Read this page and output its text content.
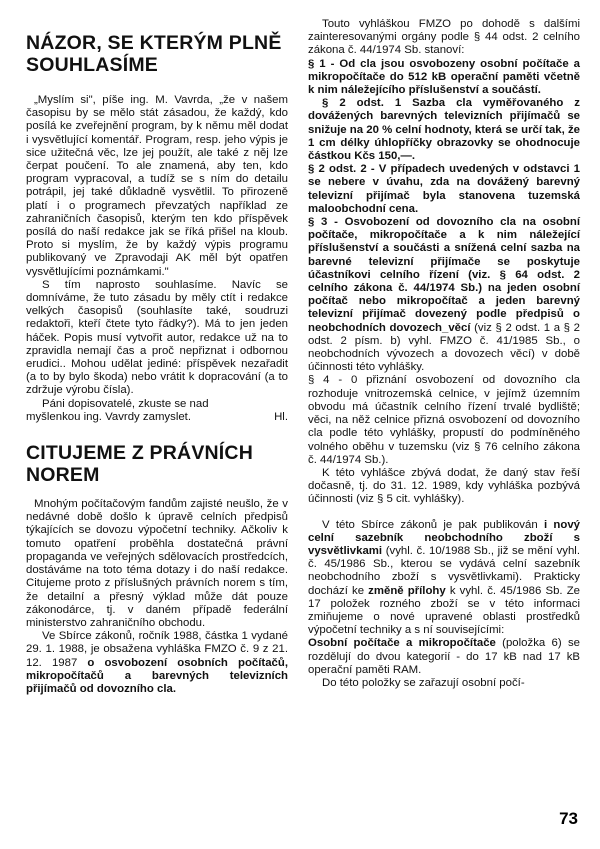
NÁZOR, SE KTERÝM PLNĚ SOUHLASÍME

„Myslím si", píše ing. M. Vavrda, „že v našem časopisu by se mělo stát zásadou, že každý, kdo posílá ke zveřejnění program, by k němu měl dodat i vysvětlující komentář. Program, resp. jeho výpis je sice užitečná věc, lze jej použít, ale také z něj lze čerpat poučení. To ale znamená, aby ten, kdo program vypracoval, a tudíž se s ním do detailu potrápil, jej také důkladně vysvětlil. To přirozeně platí i o programech převzatých například ze zahraničních časopisů, kterým ten kdo příspěvek posílá do naší redakce jak se říká přišel na kloub. Proto si myslím, že by každý výpis programu publikovaný ve Zpravodaji AK měl být opatřen vysvětlujícími poznámkami."

S tím naprosto souhlasíme. Navíc se domníváme, že tuto zásadu by měly ctít i redakce velkých časopisů (souhlasíte také, soudruzi redaktoři, kteří čtete tyto řádky?). Má to jen jeden háček. Popis musí vytvořit autor, redakce už na to zpravidla nemají čas a proč nepřiznat i odbornou erudici.. Mohou udělat jediné: příspěvek nezařadit (a to by bylo škoda) nebo vrátit k dopracování (a to zdržuje výrobu čísla).

Páni dopisovatelé, zkuste se nad myšlenkou ing. Vavrdy zamyslet.	Hl.
CITUJEME Z PRÁVNÍCH NOREM

Mnohým počítačovým fandům zajisté neušlo, že v nedávné době došlo k úpravě celních předpisů týkajících se dovozu výpočetní techniky. Ačkoliv k tomuto opatření proběhla dostatečná právní propaganda ve veřejných sdělovacích prostředcích, dostáváme na toto téma dotazy i do naší redakce. Citujeme proto z příslušných právních norem s tím, že detailní a přesný výklad může dát pouze zákonodárce, tj. v daném případě federální ministerstvo zahraničního obchodu.

Ve Sbírce zákonů, ročník 1988, částka 1 vydané 29. 1. 1988, je obsažena vyhláška FMZO č. 9 z 21. 12. 1987 o osvobození osobních počítačů, mikropočítačů a barevných televizních přijímačů od dovozního cla.

Touto vyhláškou FMZO po dohodě s dalšími zainteresovanými orgány podle § 44 odst. 2 celního zákona č. 44/1974 Sb. stanoví:

§ 1 - Od cla jsou osvobozeny osobní počítače a mikropočítače do 512 kB operační paměti včetně k nim náležejícího příslušenství a součástí.

§ 2 odst. 1 Sazba cla vyměřovaného z dovážených barevných televizních přijímačů se snižuje na 20 % celní hodnoty, která se určí tak, že 1 cm délky úhlopříčky obrazovky se ohodnocuje částkou Kčs 150,—.

§ 2 odst. 2 - V případech uvedených v odstavci 1 se nebere v úvahu, zda na dovážený barevný televizní přijímač byla stanovena tuzemská maloobchodní cena.

§ 3 - Osvobození od dovozního cla na osobní počítače, mikropočítače a k nim náležející příslušenství a součásti a snížená celní sazba na barevné televizní přijímače se poskytuje účastníkovi celního řízení (viz. § 64 odst. 2 celního zákona č. 44/1974 Sb.) na jeden osobní počítač nebo mikropočítač a jeden barevný televizní přijímač dovezený podle předpisů o neobchodních dovozech_věcí (viz § 2 odst. 1 a § 2 odst. 2 písm. b) vyhl. FMZO č. 41/1985 Sb., o neobchodních vývozech a dovozech věcí) v době účinnosti této vyhlášky.

§ 4 - 0 přiznání osvobození od dovozního cla rozhoduje vnitrozemská celnice, v jejímž územním obvodu má účastník celního řízení trvalé bydliště; věci, na něž celnice přizná osvobození od dovozního cla podle této vyhlášky, propustí do podmíněného volného oběhu v tuzemsku (viz § 76 celního zákona č. 44/1974 Sb.).

K této vyhlášce zbývá dodat, že daný stav řeší dočasně, tj. do 31. 12. 1989, kdy vyhláška pozbývá účinnosti (viz § 5 cit. vyhlášky).

V této Sbírce zákonů je pak publikován i nový celní sazebník neobchodního zboží s vysvětlivkami (vyhl. č. 10/1988 Sb., již se mění vyhl. č. 45/1986 Sb., kterou se vydává celní sazebník neobchodního zboží s vysvětlivkami). Prakticky dochází ke změně přílohy k vyhl. č. 45/1986 Sb. Ze 17 položek rozného zboží se v této informaci zmiňujeme o nové upravené oblasti prostředků výpočetní techniky a s ní souvisejícími:

Osobní počítače a mikropočítače (položka 6) se rozdělují do dvou kategorií - do 17 kB nad 17 kB operační paměti RAM.

Do této položky se zařazují osobní počí-

73
